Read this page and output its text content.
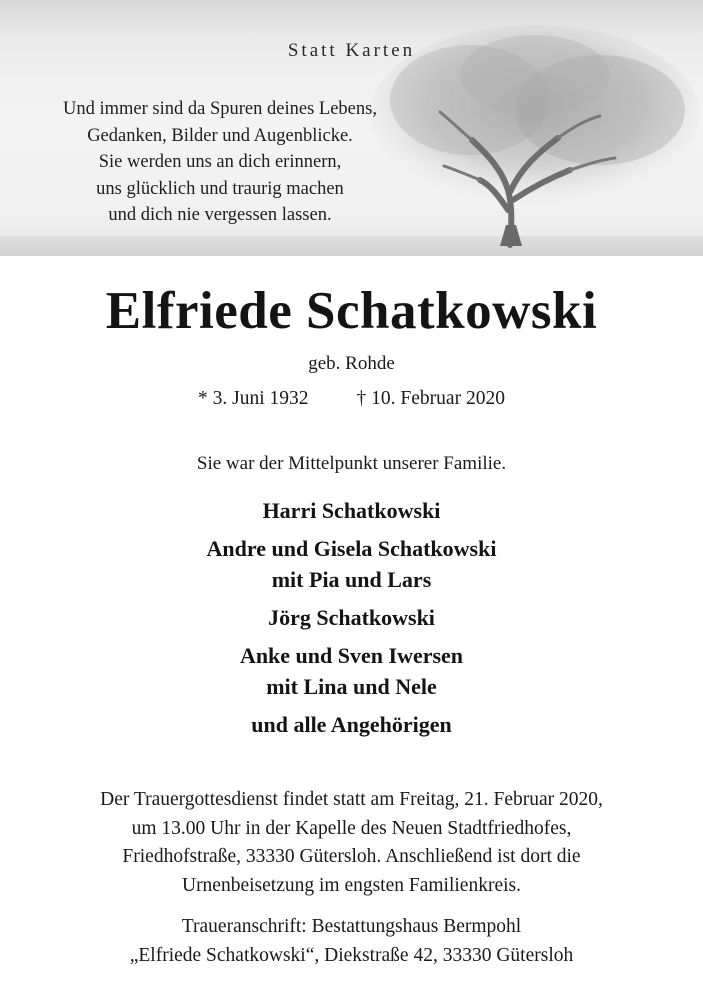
Statt Karten
Und immer sind da Spuren deines Lebens,
Gedanken, Bilder und Augenblicke.
Sie werden uns an dich erinnern,
uns glücklich und traurig machen
und dich nie vergessen lassen.
Elfriede Schatkowski
geb. Rohde
* 3. Juni 1932 † 10. Februar 2020
Sie war der Mittelpunkt unserer Familie.
Harri Schatkowski
Andre und Gisela Schatkowski
mit Pia und Lars
Jörg Schatkowski
Anke und Sven Iwersen
mit Lina und Nele
und alle Angehörigen
Der Trauergottesdienst findet statt am Freitag, 21. Februar 2020,
um 13.00 Uhr in der Kapelle des Neuen Stadtfriedhofes,
Friedhofstraße, 33330 Gütersloh. Anschließend ist dort die
Urnenbeisetzung im engsten Familienkreis.
Traueranschrift: Bestattungshaus Bermpohl
„Elfriede Schatkowski“, Diekstraße 42, 33330 Gütersloh
